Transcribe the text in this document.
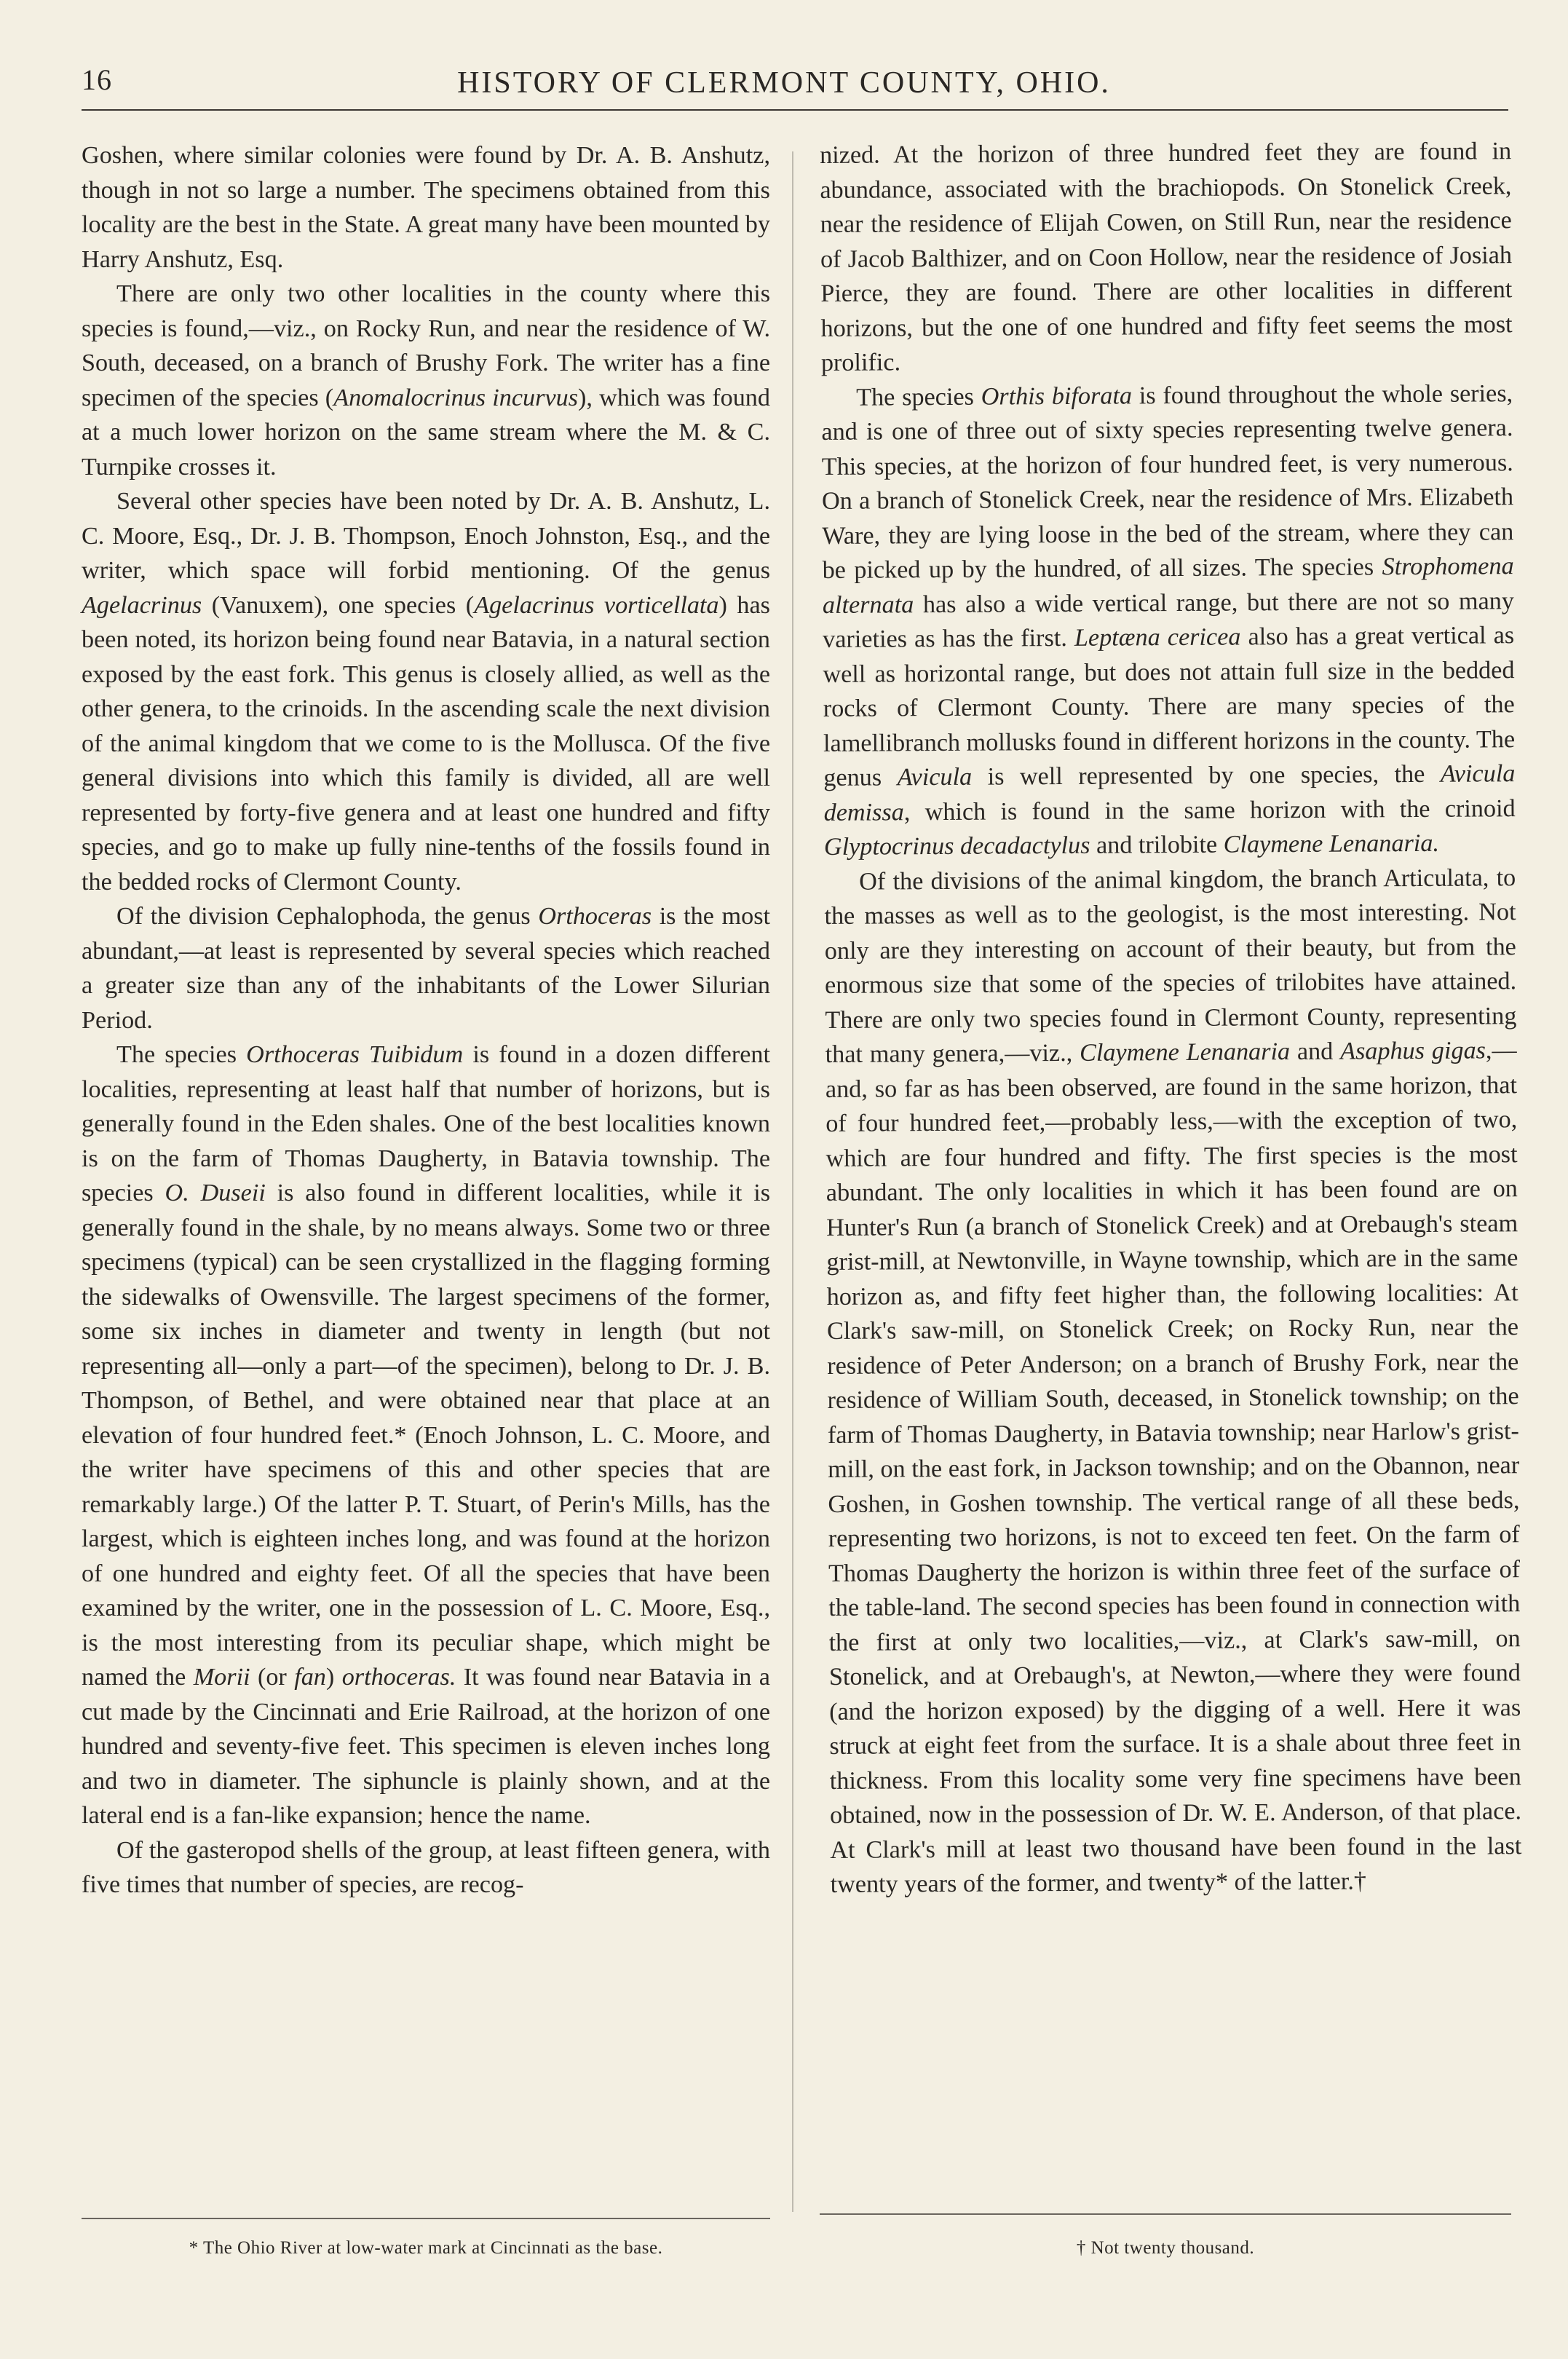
16	HISTORY OF CLERMONT COUNTY, OHIO.

Goshen, where similar colonies were found by Dr. A. B. Anshutz, though in not so large a number. The specimens obtained from this locality are the best in the State. A great many have been mounted by Harry Anshutz, Esq.

There are only two other localities in the county where this species is found,—viz., on Rocky Run, and near the residence of W. South, deceased, on a branch of Brushy Fork. The writer has a fine specimen of the species (Anomalocrinus incurvus), which was found at a much lower horizon on the same stream where the M. & C. Turnpike crosses it.

Several other species have been noted by Dr. A. B. Anshutz, L. C. Moore, Esq., Dr. J. B. Thompson, Enoch Johnston, Esq., and the writer, which space will forbid mentioning. Of the genus Agelacrinus (Vanuxem), one species (Agelacrinus vorticellata) has been noted, its horizon being found near Batavia, in a natural section exposed by the east fork. This genus is closely allied, as well as the other genera, to the crinoids. In the ascending scale the next division of the animal kingdom that we come to is the Mollusca. Of the five general divisions into which this family is divided, all are well represented by forty-five genera and at least one hundred and fifty species, and go to make up fully nine-tenths of the fossils found in the bedded rocks of Clermont County.

Of the division Cephalophoda, the genus Orthoceras is the most abundant,—at least is represented by several species which reached a greater size than any of the inhabitants of the Lower Silurian Period.

The species Orthoceras Tuibidum is found in a dozen different localities, representing at least half that number of horizons, but is generally found in the Eden shales. One of the best localities known is on the farm of Thomas Daugherty, in Batavia township. The species O. Duseii is also found in different localities, while it is generally found in the shale, by no means always. Some two or three specimens (typical) can be seen crystallized in the flagging forming the sidewalks of Owensville. The largest specimens of the former, some six inches in diameter and twenty in length (but not representing all—only a part—of the specimen), belong to Dr. J. B. Thompson, of Bethel, and were obtained near that place at an elevation of four hundred feet.* (Enoch Johnson, L. C. Moore, and the writer have specimens of this and other species that are remarkably large.) Of the latter P. T. Stuart, of Perin's Mills, has the largest, which is eighteen inches long, and was found at the horizon of one hundred and eighty feet. Of all the species that have been examined by the writer, one in the possession of L. C. Moore, Esq., is the most interesting from its peculiar shape, which might be named the Morii (or fan) orthoceras. It was found near Batavia in a cut made by the Cincinnati and Erie Railroad, at the horizon of one hundred and seventy-five feet. This specimen is eleven inches long and two in diameter. The siphuncle is plainly shown, and at the lateral end is a fan-like expansion; hence the name.

Of the gasteropod shells of the group, at least fifteen genera, with five times that number of species, are recog-

nized. At the horizon of three hundred feet they are found in abundance, associated with the brachiopods. On Stonelick Creek, near the residence of Elijah Cowen, on Still Run, near the residence of Jacob Balthizer, and on Coon Hollow, near the residence of Josiah Pierce, they are found. There are other localities in different horizons, but the one of one hundred and fifty feet seems the most prolific.

The species Orthis biforata is found throughout the whole series, and is one of three out of sixty species representing twelve genera. This species, at the horizon of four hundred feet, is very numerous. On a branch of Stonelick Creek, near the residence of Mrs. Elizabeth Ware, they are lying loose in the bed of the stream, where they can be picked up by the hundred, of all sizes. The species Strophomena alternata has also a wide vertical range, but there are not so many varieties as has the first. Leptæna cericea also has a great vertical as well as horizontal range, but does not attain full size in the bedded rocks of Clermont County. There are many species of the lamellibranch mollusks found in different horizons in the county. The genus Avicula is well represented by one species, the Avicula demissa, which is found in the same horizon with the crinoid Glyptocrinus decadactylus and trilobite Claymene Lenanaria.

Of the divisions of the animal kingdom, the branch Articulata, to the masses as well as to the geologist, is the most interesting. Not only are they interesting on account of their beauty, but from the enormous size that some of the species of trilobites have attained. There are only two species found in Clermont County, representing that many genera,—viz., Claymene Lenanaria and Asaphus gigas,—and, so far as has been observed, are found in the same horizon, that of four hundred feet,—probably less,—with the exception of two, which are four hundred and fifty. The first species is the most abundant. The only localities in which it has been found are on Hunter's Run (a branch of Stonelick Creek) and at Orebaugh's steam grist-mill, at Newtonville, in Wayne township, which are in the same horizon as, and fifty feet higher than, the following localities: At Clark's saw-mill, on Stonelick Creek; on Rocky Run, near the residence of Peter Anderson; on a branch of Brushy Fork, near the residence of William South, deceased, in Stonelick township; on the farm of Thomas Daugherty, in Batavia township; near Harlow's grist-mill, on the east fork, in Jackson township; and on the Obannon, near Goshen, in Goshen township. The vertical range of all these beds, representing two horizons, is not to exceed ten feet. On the farm of Thomas Daugherty the horizon is within three feet of the surface of the table-land. The second species has been found in connection with the first at only two localities,—viz., at Clark's saw-mill, on Stonelick, and at Orebaugh's, at Newton,—where they were found (and the horizon exposed) by the digging of a well. Here it was struck at eight feet from the surface. It is a shale about three feet in thickness. From this locality some very fine specimens have been obtained, now in the possession of Dr. W. E. Anderson, of that place. At Clark's mill at least two thousand have been found in the last twenty years of the former, and twenty* of the latter.†

* The Ohio River at low-water mark at Cincinnati as the base.	† Not twenty thousand.
